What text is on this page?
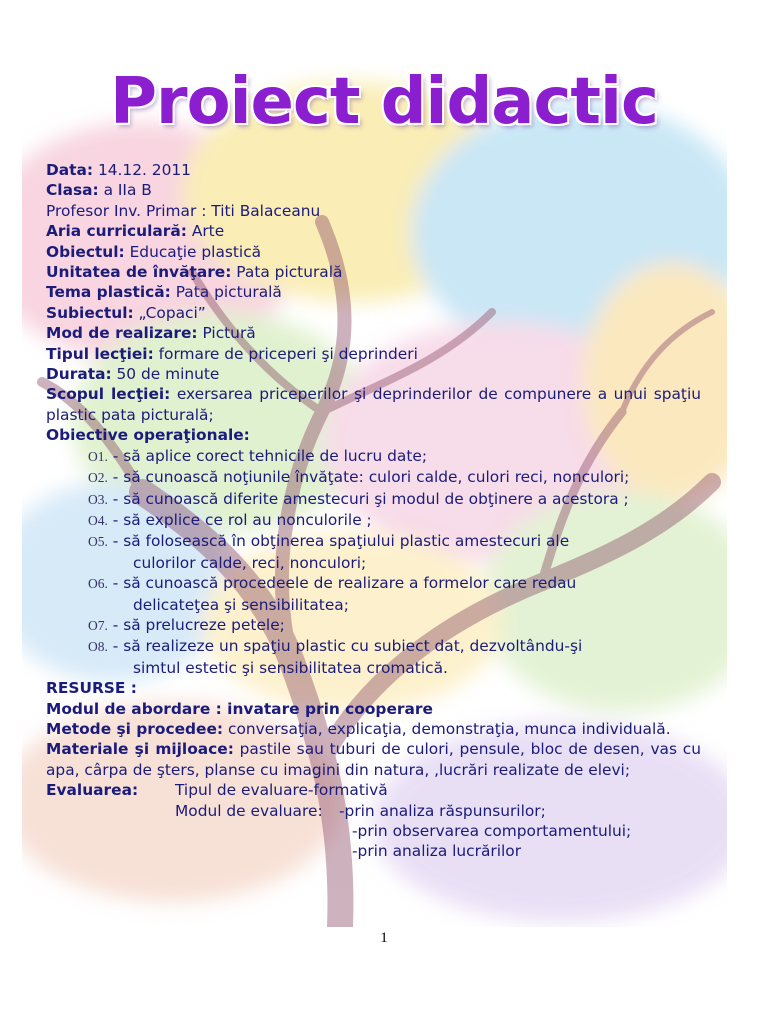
Proiect didactic
Data: 14.12. 2011
Clasa: a IIa B
Profesor Inv. Primar : Titi Balaceanu
Aria curriculară: Arte
Obiectul: Educaţie plastică
Unitatea de învăţare: Pata picturală
Tema plastică: Pata picturală
Subiectul: „Copaci”
Mod de realizare: Pictură
Tipul lecţiei: formare de priceperi şi deprinderi
Durata: 50 de minute
Scopul lecţiei: exersarea priceperilor şi deprinderilor de compunere a unui spaţiu plastic pata picturală;
Obiective operaţionale:
O1. - să aplice corect tehnicile de lucru date;
O2. - să cunoască noţiunile învăţate: culori calde, culori reci, nonculori;
O3. - să cunoască diferite amestecuri şi modul de obţinere a acestora ;
O4. - să explice ce rol au nonculorile ;
O5. - să folosească în obţinerea spaţiului plastic amestecuri ale
culorilor calde, reci, nonculori;
O6. - să cunoască procedeele de realizare a formelor care redau
delicateţea şi sensibilitatea;
O7. - să prelucreze petele;
O8. - să realizeze un spaţiu plastic cu subiect dat, dezvoltându-şi
simtul estetic şi sensibilitatea cromatică.
RESURSE :
Modul de abordare : invatare prin cooperare
Metode şi procedee: conversaţia, explicaţia, demonstraţia, munca individuală.
Materiale şi mijloace: pastile sau tuburi de culori, pensule, bloc de desen, vas cu apa, cârpa de şters, planse cu imagini din natura, ,lucrări realizate de elevi;
Evaluarea: Tipul de evaluare-formativă
Modul de evaluare: -prin analiza răspunsurilor;
-prin observarea comportamentului;
-prin analiza lucrărilor
1
